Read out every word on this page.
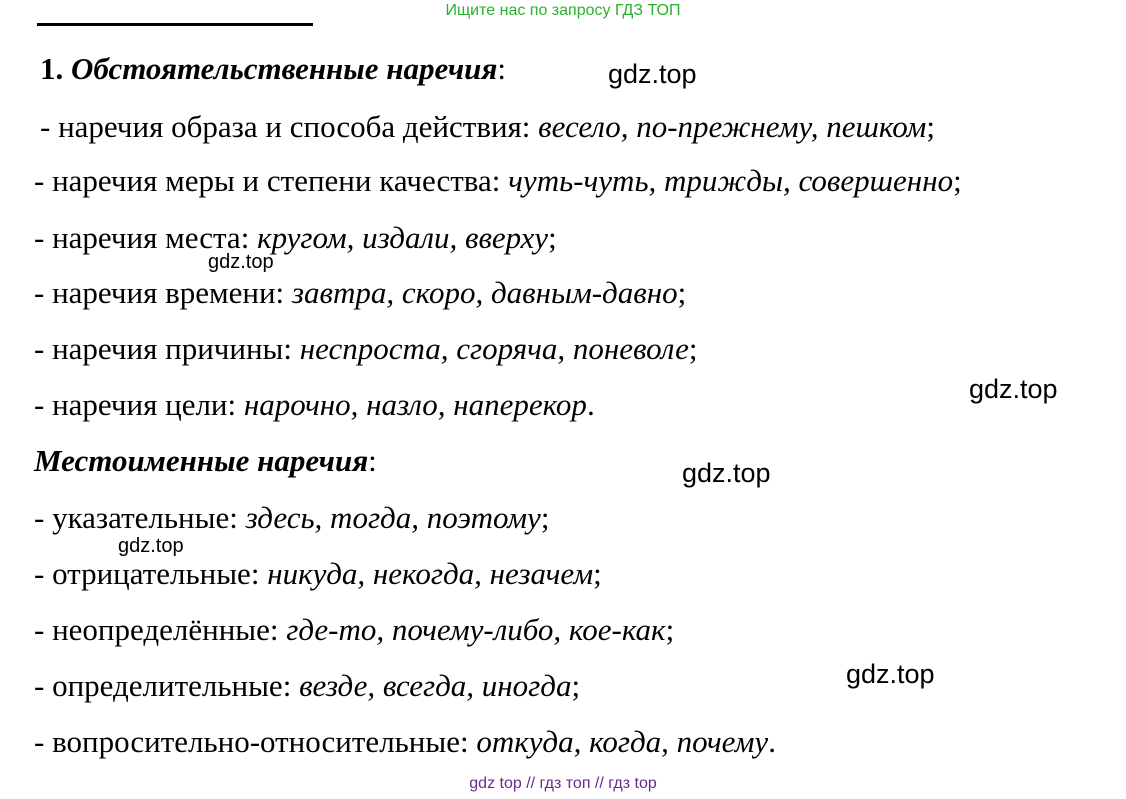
Ищите нас по запросу ГДЗ ТОП
1. Обстоятельственные наречия:
- наречия образа и способа действия: весело, по-прежнему, пешком;
- наречия меры и степени качества: чуть-чуть, трижды, совершенно;
- наречия места: кругом, издали, вверху;
- наречия времени: завтра, скоро, давным-давно;
- наречия причины: неспроста, сгоряча, поневоле;
- наречия цели: нарочно, назло, наперекор.
Местоименные наречия:
- указательные: здесь, тогда, поэтому;
- отрицательные: никуда, некогда, незачем;
- неопределённые: где-то, почему-либо, кое-как;
- определительные: везде, всегда, иногда;
- вопросительно-относительные: откуда, когда, почему.
gdz.top
gdz.top
gdz.top
gdz.top
gdz.top
gdz.top
gdz top // гдз топ // гдз top
